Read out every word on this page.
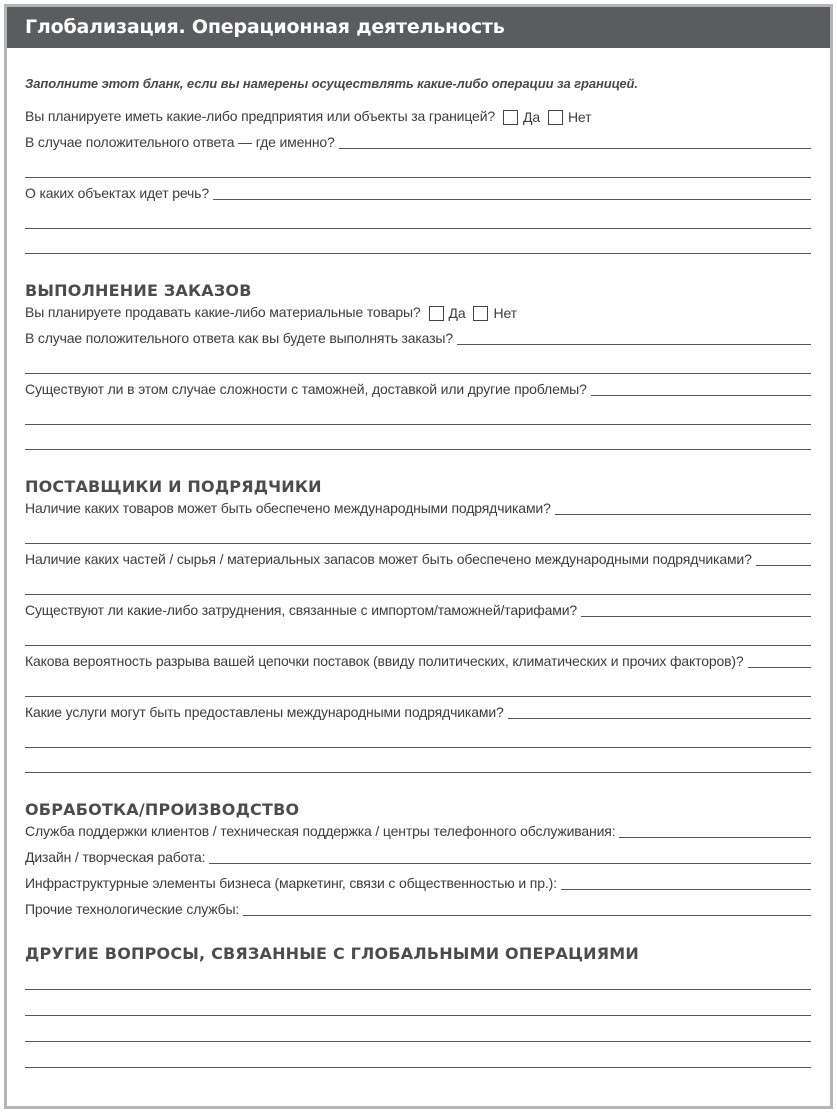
Глобализация. Операционная деятельность
Заполните этот бланк, если вы намерены осуществлять какие-либо операции за границей.
Вы планируете иметь какие-либо предприятия или объекты за границей? Да Нет
В случае положительного ответа — где именно?
О каких объектах идет речь?
ВЫПОЛНЕНИЕ ЗАКАЗОВ
Вы планируете продавать какие-либо материальные товары? Да Нет
В случае положительного ответа как вы будете выполнять заказы?
Существуют ли в этом случае сложности с таможней, доставкой или другие проблемы?
ПОСТАВЩИКИ И ПОДРЯДЧИКИ
Наличие каких товаров может быть обеспечено международными подрядчиками?
Наличие каких частей / сырья / материальных запасов может быть обеспечено международными подрядчиками?
Существуют ли какие-либо затруднения, связанные с импортом/таможней/тарифами?
Какова вероятность разрыва вашей цепочки поставок (ввиду политических, климатических и прочих факторов)?
Какие услуги могут быть предоставлены международными подрядчиками?
ОБРАБОТКА/ПРОИЗВОДСТВО
Служба поддержки клиентов / техническая поддержка / центры телефонного обслуживания:
Дизайн / творческая работа:
Инфраструктурные элементы бизнеса (маркетинг, связи с общественностью и пр.):
Прочие технологические службы:
ДРУГИЕ ВОПРОСЫ, СВЯЗАННЫЕ С ГЛОБАЛЬНЫМИ ОПЕРАЦИЯМИ
